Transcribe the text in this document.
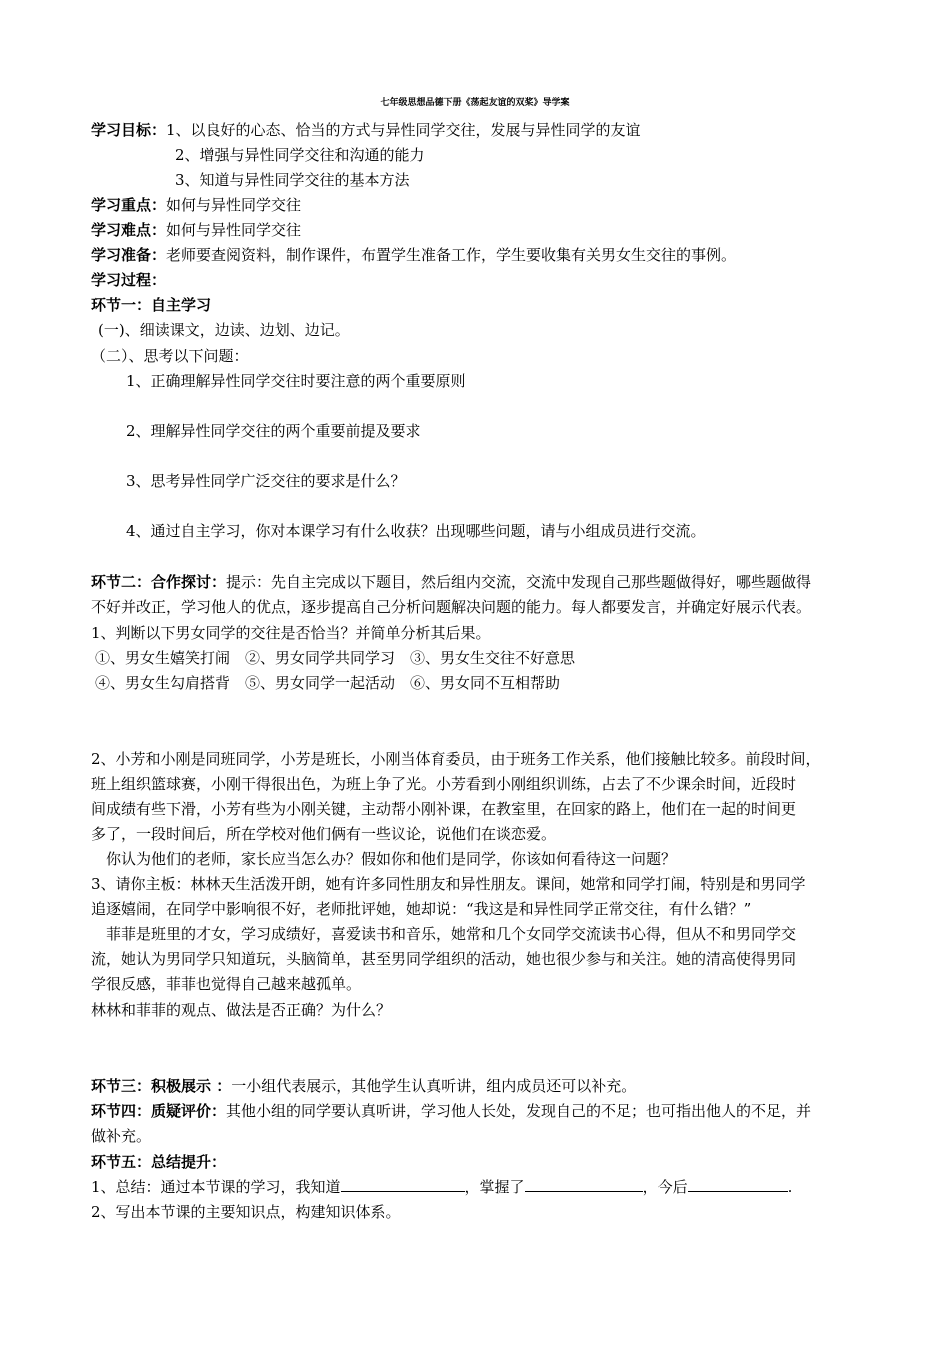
七年级思想品德下册《荡起友谊的双桨》导学案
学习目标：1、以良好的心态、恰当的方式与异性同学交往，发展与异性同学的友谊
2、增强与异性同学交往和沟通的能力
3、知道与异性同学交往的基本方法
学习重点：如何与异性同学交往
学习难点：如何与异性同学交往
学习准备：老师要查阅资料，制作课件，布置学生准备工作，学生要收集有关男女生交往的事例。
学习过程：
环节一：自主学习
(一)、细读课文，边读、边划、边记。
（二）、思考以下问题：
1、正确理解异性同学交往时要注意的两个重要原则
2、理解异性同学交往的两个重要前提及要求
3、思考异性同学广泛交往的要求是什么？
4、通过自主学习，你对本课学习有什么收获？出现哪些问题，请与小组成员进行交流。
环节二：合作探讨：提示：先自主完成以下题目，然后组内交流，交流中发现自己那些题做得好，哪些题做得
不好并改正，学习他人的优点，逐步提高自己分析问题解决问题的能力。每人都要发言，并确定好展示代表。
1、判断以下男女同学的交往是否恰当？并简单分析其后果。
①、男女生嬉笑打闹　②、男女同学共同学习　③、男女生交往不好意思
④、男女生勾肩搭背　⑤、男女同学一起活动　⑥、男女同不互相帮助
2、小芳和小刚是同班同学，小芳是班长，小刚当体育委员，由于班务工作关系，他们接触比较多。前段时间，
班上组织篮球赛，小刚干得很出色，为班上争了光。小芳看到小刚组织训练，占去了不少课余时间，近段时
间成绩有些下滑，小芳有些为小刚关键，主动帮小刚补课，在教室里，在回家的路上，他们在一起的时间更
多了，一段时间后，所在学校对他们俩有一些议论，说他们在谈恋爱。
　你认为他们的老师，家长应当怎么办？假如你和他们是同学，你该如何看待这一问题？
3、请你主板：林林天生活泼开朗，她有许多同性朋友和异性朋友。课间，她常和同学打闹，特别是和男同学
追逐嬉闹，在同学中影响很不好，老师批评她，她却说：“我这是和异性同学正常交往，有什么错？”
　菲菲是班里的才女，学习成绩好，喜爱读书和音乐，她常和几个女同学交流读书心得，但从不和男同学交
流，她认为男同学只知道玩，头脑简单，甚至男同学组织的活动，她也很少参与和关注。她的清高使得男同
学很反感，菲菲也觉得自己越来越孤单。
林林和菲菲的观点、做法是否正确？为什么？
环节三：积极展示 ：一小组代表展示，其他学生认真听讲，组内成员还可以补充。
环节四：质疑评价：其他小组的同学要认真听讲，学习他人长处，发现自己的不足；也可指出他人的不足，并
做补充。
环节五：总结提升：
1、总结：通过本节课的学习，我知道	，掌握了	，今后	.
2、写出本节课的主要知识点，构建知识体系。
